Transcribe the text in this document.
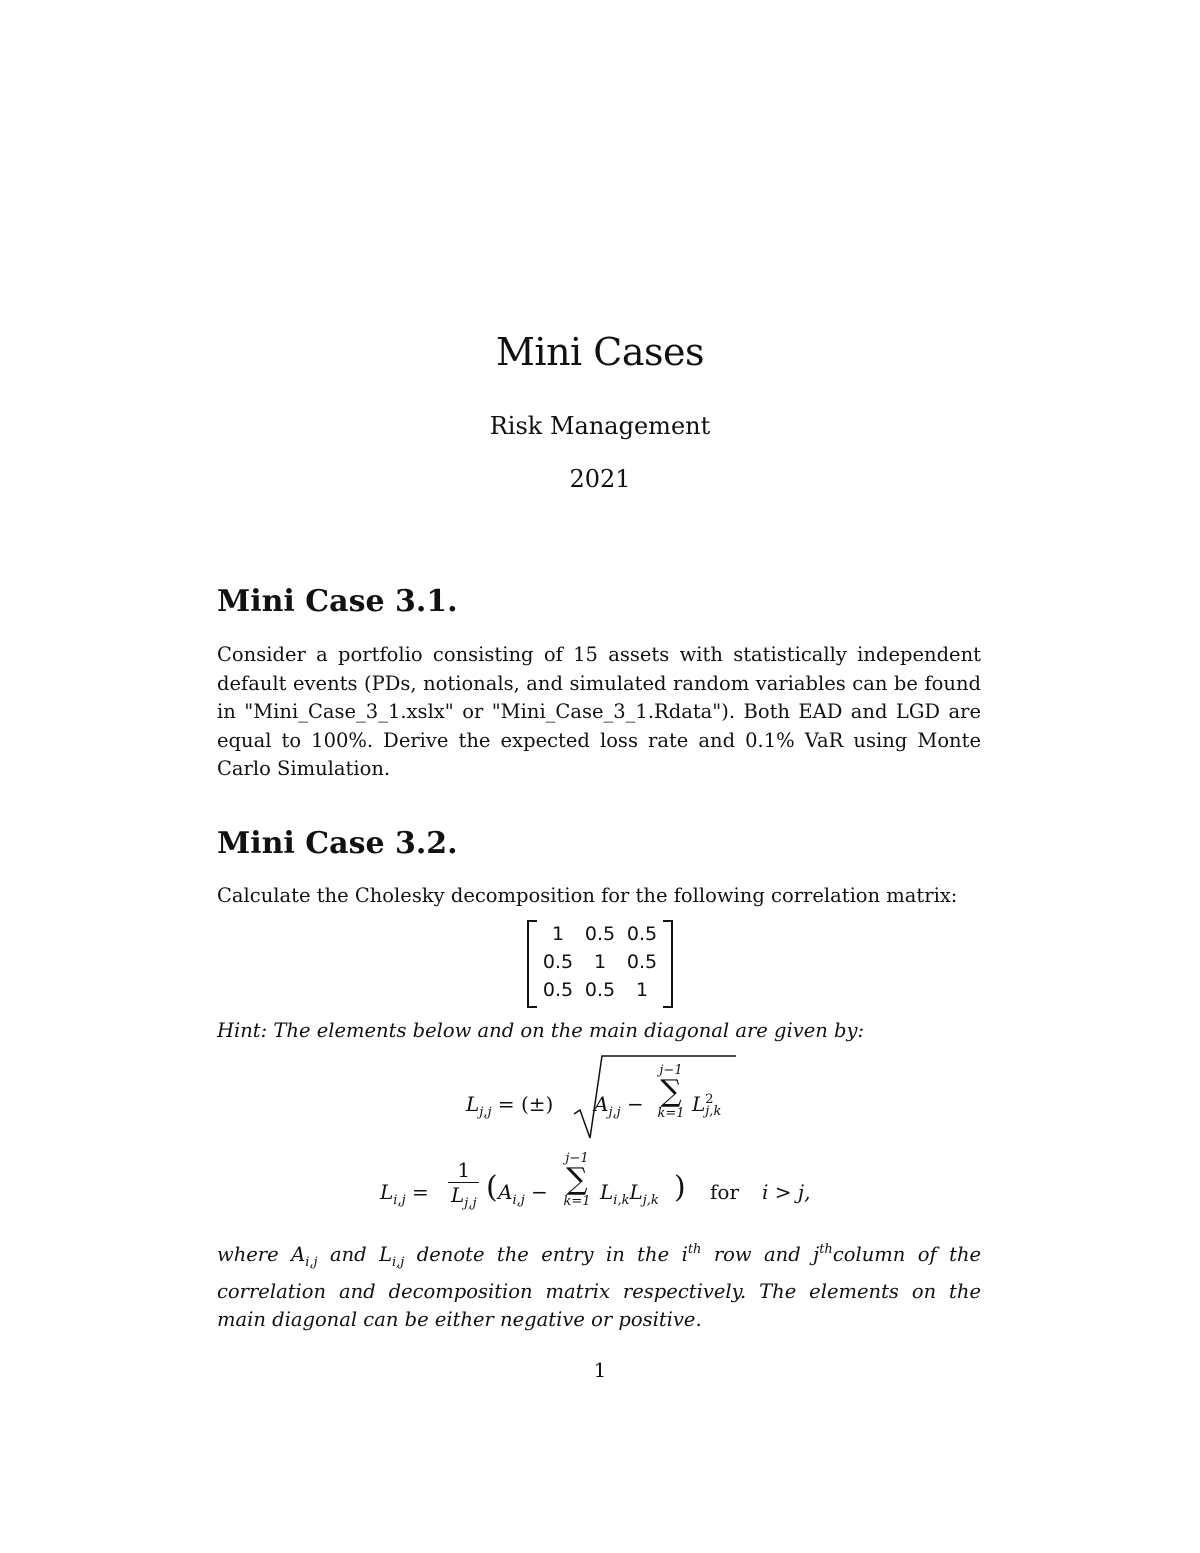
Mini Cases
Risk Management
2021
Mini Case 3.1.

Consider a portfolio consisting of 15 assets with statistically independent default events (PDs, notionals, and simulated random variables can be found in "Mini_Case_3_1.xslx" or "Mini_Case_3_1.Rdata"). Both EAD and LGD are equal to 100%. Derive the expected loss rate and 0.1% VaR using Monte Carlo Simulation.

Mini Case 3.2.

Calculate the Cholesky decomposition for the following correlation matrix:

1	0.5 0.5
0.5	1	0.5
0.5 0.5	1

Hint: The elements below and on the main diagonal are given by:

$L_{j,j}$ = (±) $A_{j,j}$ −
j−1
∑
k=1 L 2
j,k
$L_{i,j} = \frac{1}{L_{j,j}}$ ( $A_{i,j}$ −
j−1
∑
k=1 $L_{i,k}L_{j,k}$ ) for i > j,

where $A_{i,j}$ and $L_{i,j}$ denote the entry in the $i^{th}$ row and $j^{th}column$ of the correlation and decomposition matrix respectively. The elements on the main diagonal can be either negative or positive.

1
